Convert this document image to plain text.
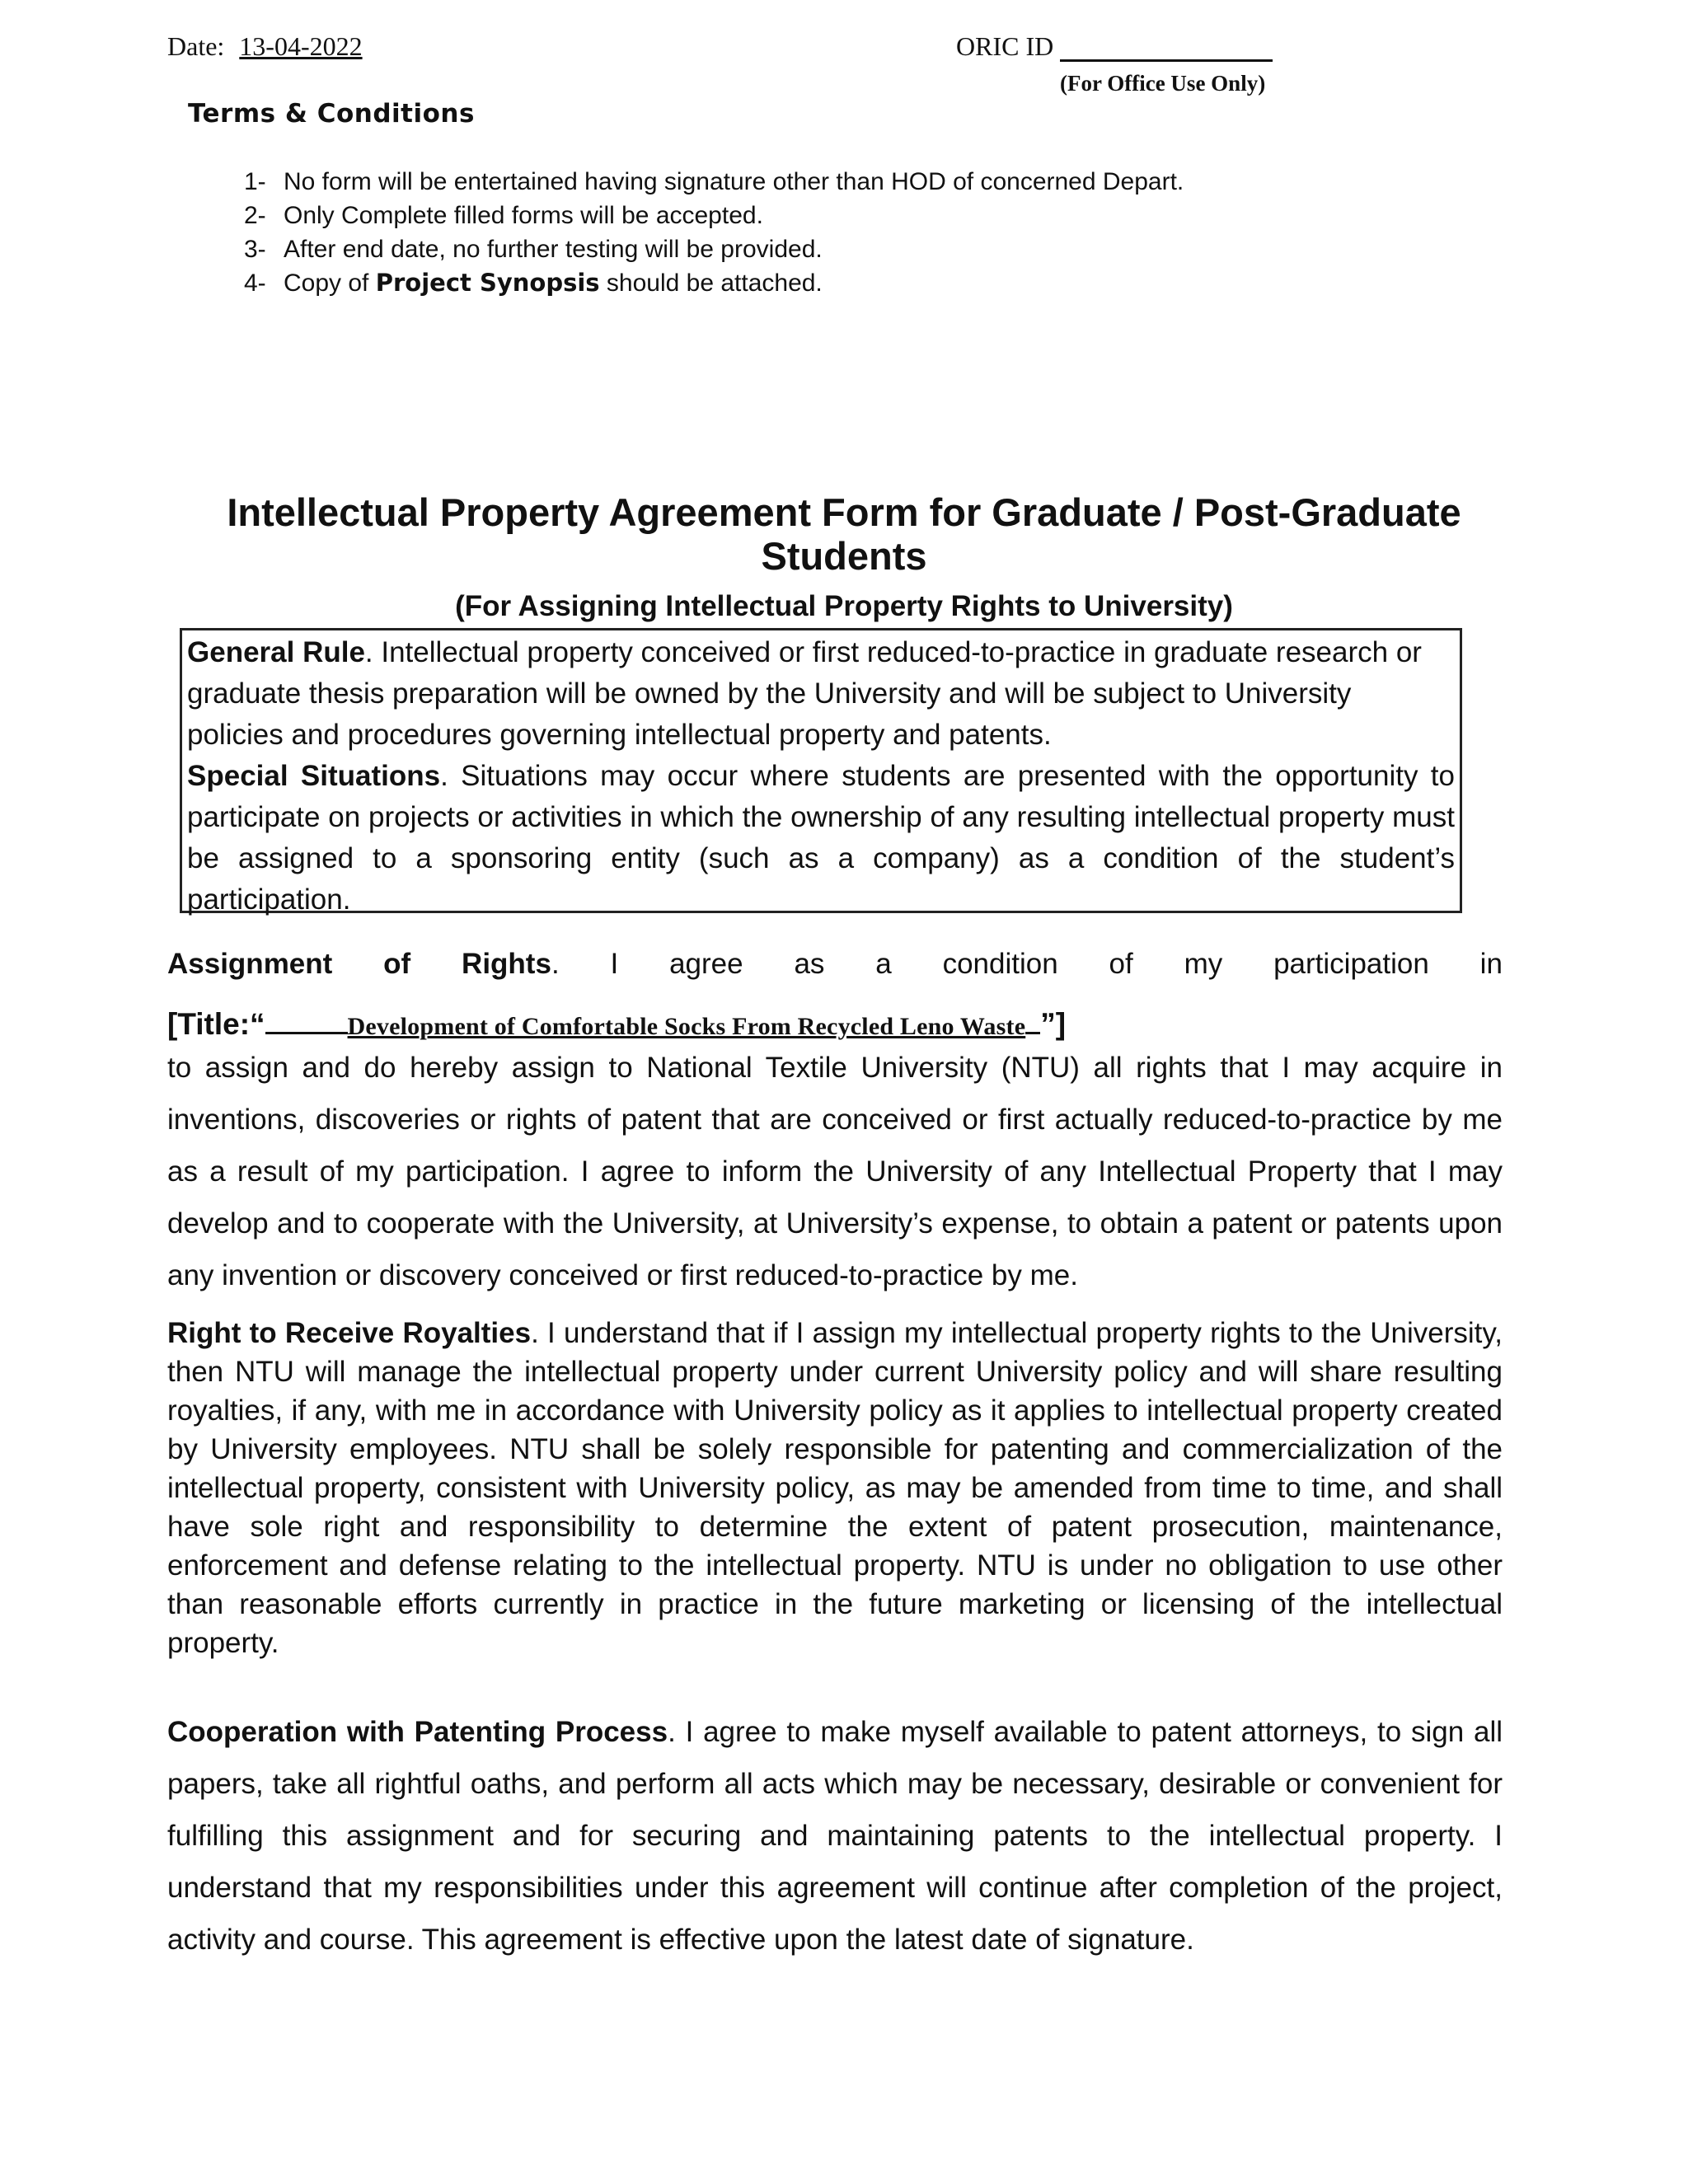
Date: 13-04-2022	ORIC ID
(For Office Use Only)
Terms & Conditions
1- No form will be entertained having signature other than HOD of concerned Depart.
2- Only Complete filled forms will be accepted.
3- After end date, no further testing will be provided.
4- Copy of Project Synopsis should be attached.
Intellectual Property Agreement Form for Graduate / Post-Graduate
Students
(For Assigning Intellectual Property Rights to University)

General Rule. Intellectual property conceived or first reduced-to-practice in graduate research or graduate thesis preparation will be owned by the University and will be subject to University policies and procedures governing intellectual property and patents.

Special Situations. Situations may occur where students are presented with the opportunity to participate on projects or activities in which the ownership of any resulting intellectual property must be assigned to a sponsoring entity (such as a company) as a condition of the student’s participation.

Assignment of Rights. I agree as a condition of my participation in
[Title:“	Development of Comfortable Socks From Recycled Leno Waste ”]

to assign and do hereby assign to National Textile University (NTU) all rights that I may acquire in inventions, discoveries or rights of patent that are conceived or first actually reduced-to-practice by me as a result of my participation. I agree to inform the University of any Intellectual Property that I may develop and to cooperate with the University, at University’s expense, to obtain a patent or patents upon any invention or discovery conceived or first reduced-to-practice by me.

Right to Receive Royalties. I understand that if I assign my intellectual property rights to the University, then NTU will manage the intellectual property under current University policy and will share resulting royalties, if any, with me in accordance with University policy as it applies to intellectual property created by University employees. NTU shall be solely responsible for patenting and commercialization of the intellectual property, consistent with University policy, as may be amended from time to time, and shall have sole right and responsibility to determine the extent of patent prosecution, maintenance, enforcement and defense relating to the intellectual property. NTU is under no obligation to use other than reasonable efforts currently in practice in the future marketing or licensing of the intellectual property.

Cooperation with Patenting Process. I agree to make myself available to patent attorneys, to sign all papers, take all rightful oaths, and perform all acts which may be necessary, desirable or convenient for fulfilling this assignment and for securing and maintaining patents to the intellectual property. I understand that my responsibilities under this agreement will continue after completion of the project, activity and course. This agreement is effective upon the latest date of signature.
